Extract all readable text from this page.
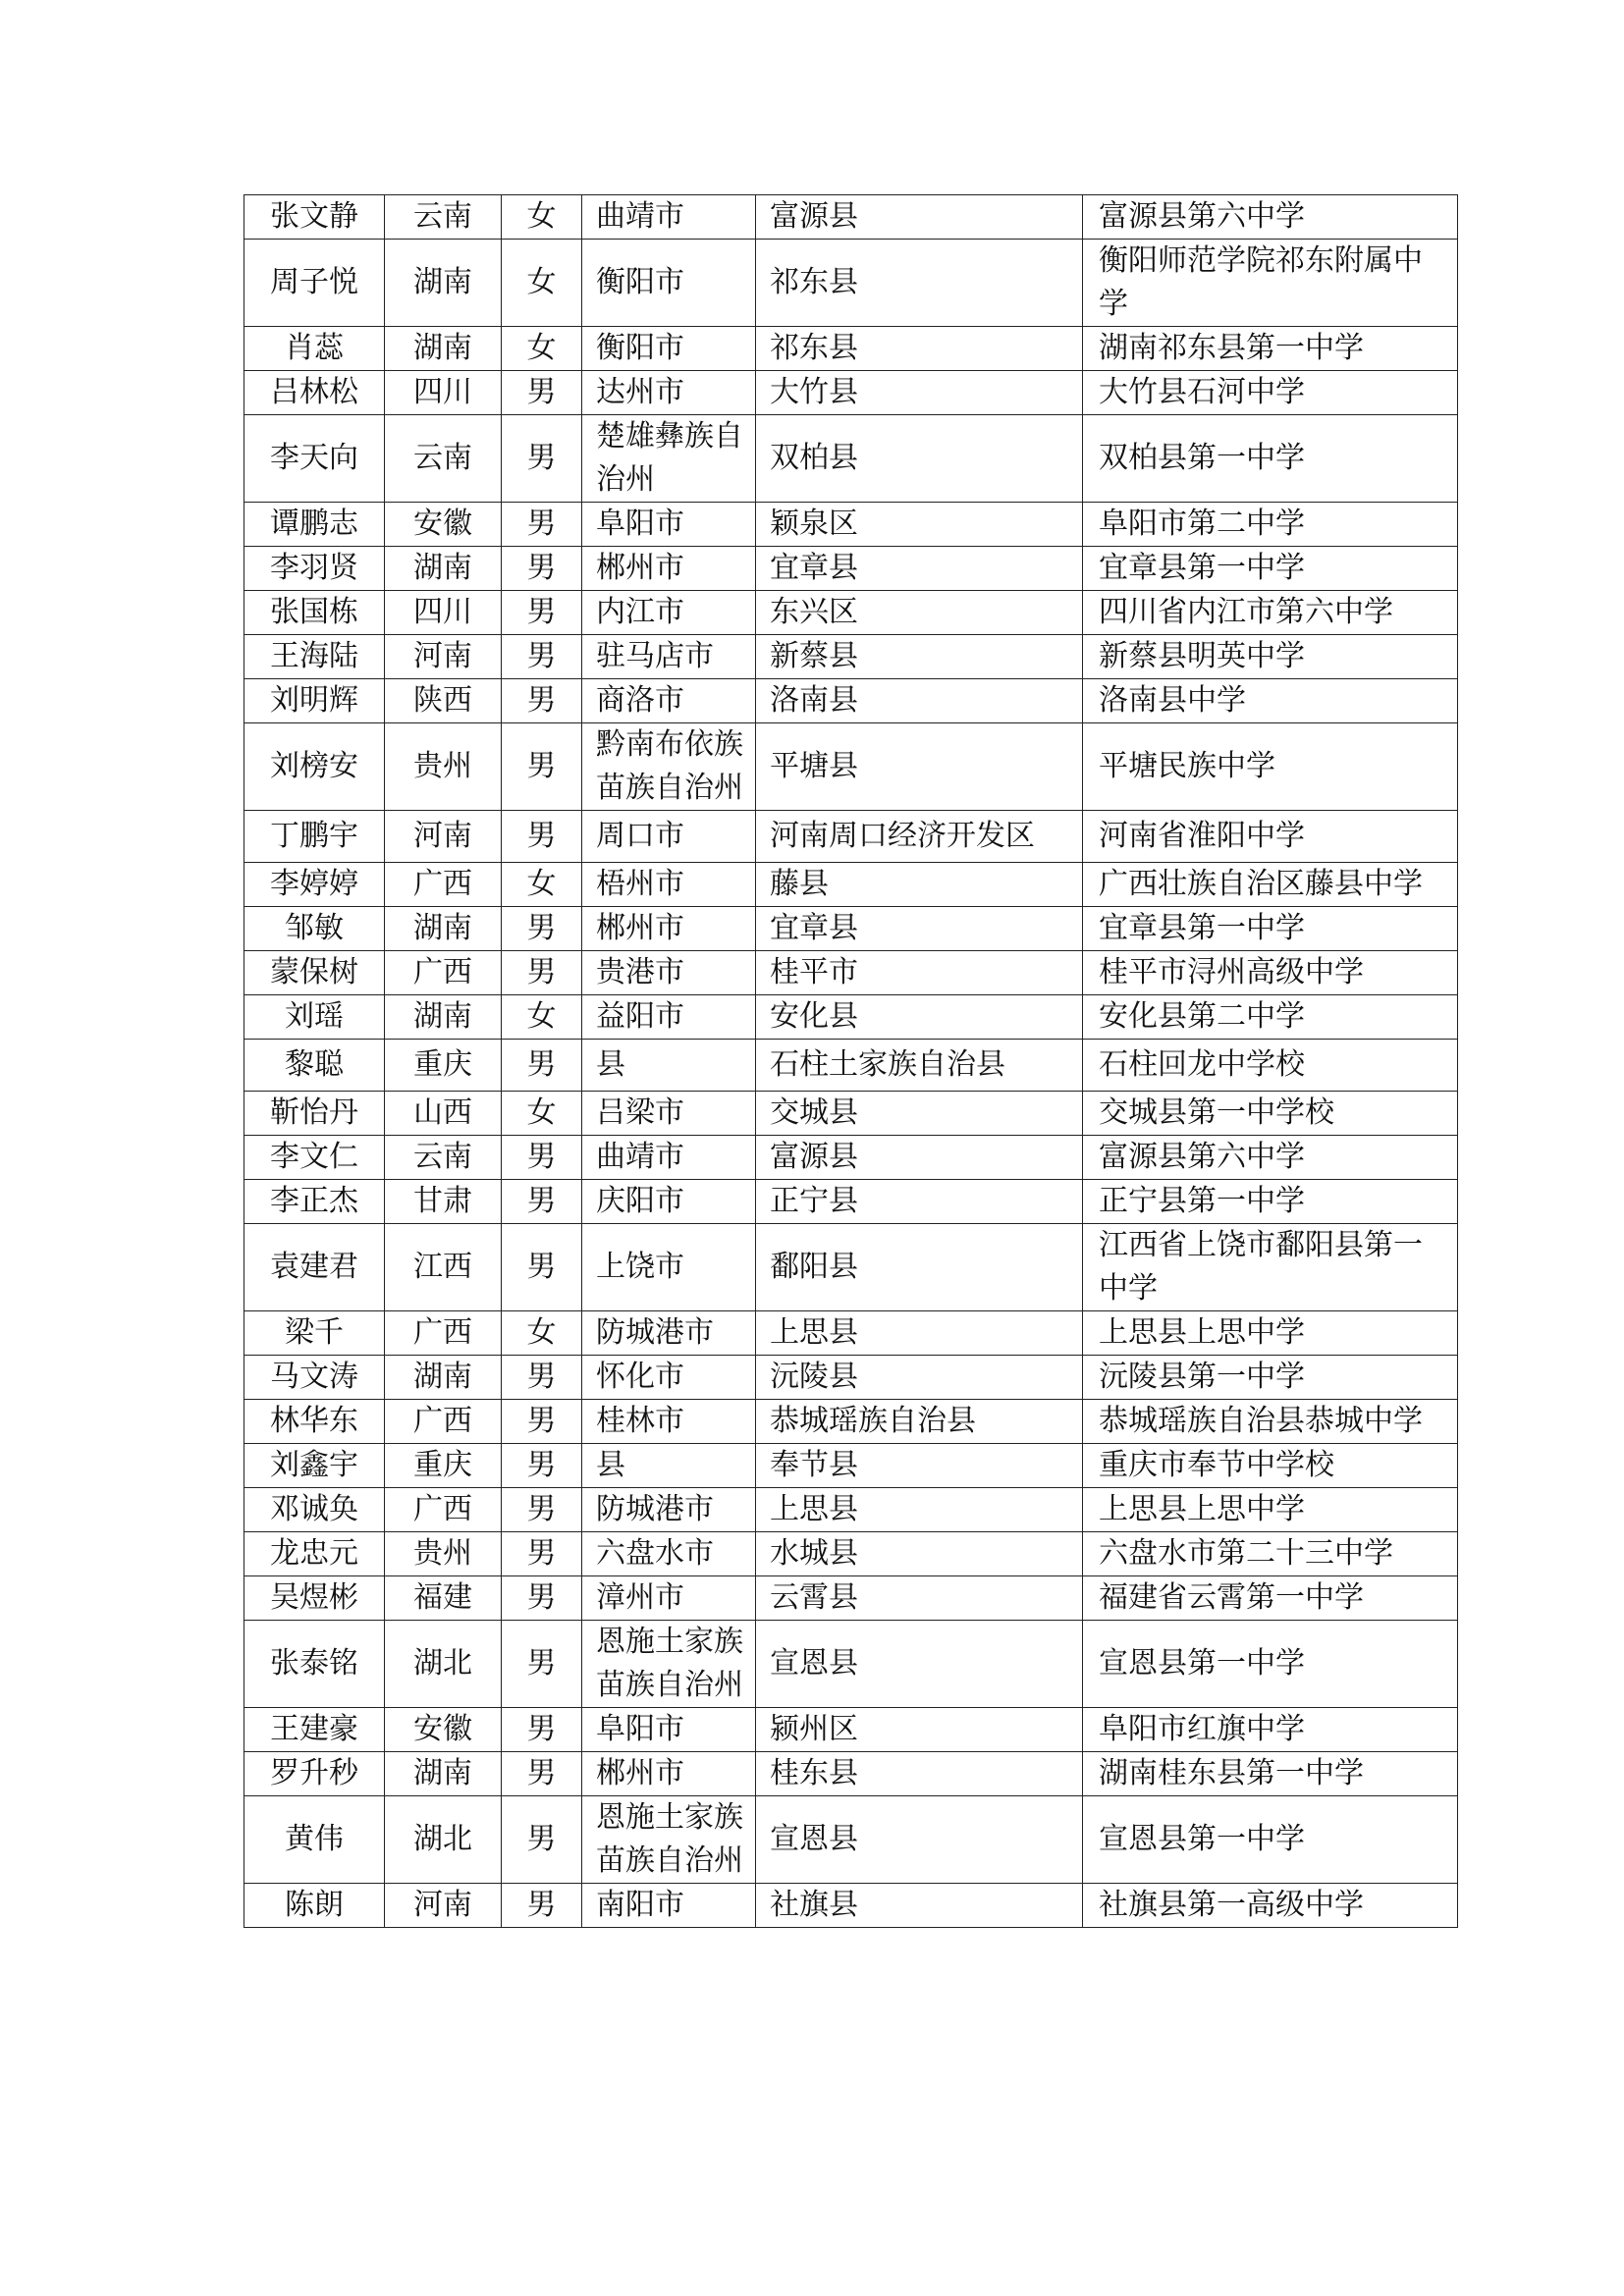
张文静	云南	女	曲靖市	富源县	富源县第六中学
周子悦	湖南	女	衡阳市	祁东县	衡阳师范学院祁东附属中学
肖蕊	湖南	女	衡阳市	祁东县	湖南祁东县第一中学
吕林松	四川	男	达州市	大竹县	大竹县石河中学
李天向	云南	男	楚雄彝族自治州	双柏县	双柏县第一中学
谭鹏志	安徽	男	阜阳市	颖泉区	阜阳市第二中学
李羽贤	湖南	男	郴州市	宜章县	宜章县第一中学
张国栋	四川	男	内江市	东兴区	四川省内江市第六中学
王海陆	河南	男	驻马店市	新蔡县	新蔡县明英中学
刘明辉	陕西	男	商洛市	洛南县	洛南县中学
刘榜安	贵州	男	黔南布依族苗族自治州	平塘县	平塘民族中学
丁鹏宇	河南	男	周口市	河南周口经济开发区	河南省淮阳中学
李婷婷	广西	女	梧州市	藤县	广西壮族自治区藤县中学
邹敏	湖南	男	郴州市	宜章县	宜章县第一中学
蒙保树	广西	男	贵港市	桂平市	桂平市浔州高级中学
刘瑶	湖南	女	益阳市	安化县	安化县第二中学
黎聪	重庆	男	县	石柱土家族自治县	石柱回龙中学校
靳怡丹	山西	女	吕梁市	交城县	交城县第一中学校
李文仁	云南	男	曲靖市	富源县	富源县第六中学
李正杰	甘肃	男	庆阳市	正宁县	正宁县第一中学
袁建君	江西	男	上饶市	鄱阳县	江西省上饶市鄱阳县第一中学
梁千	广西	女	防城港市	上思县	上思县上思中学
马文涛	湖南	男	怀化市	沅陵县	沅陵县第一中学
林华东	广西	男	桂林市	恭城瑶族自治县	恭城瑶族自治县恭城中学
刘鑫宇	重庆	男	县	奉节县	重庆市奉节中学校
邓诚奂	广西	男	防城港市	上思县	上思县上思中学
龙忠元	贵州	男	六盘水市	水城县	六盘水市第二十三中学
吴煜彬	福建	男	漳州市	云霄县	福建省云霄第一中学
张泰铭	湖北	男	恩施土家族苗族自治州	宣恩县	宣恩县第一中学
王建豪	安徽	男	阜阳市	颍州区	阜阳市红旗中学
罗升秒	湖南	男	郴州市	桂东县	湖南桂东县第一中学
黄伟	湖北	男	恩施土家族苗族自治州	宣恩县	宣恩县第一中学
陈朗	河南	男	南阳市	社旗县	社旗县第一高级中学
